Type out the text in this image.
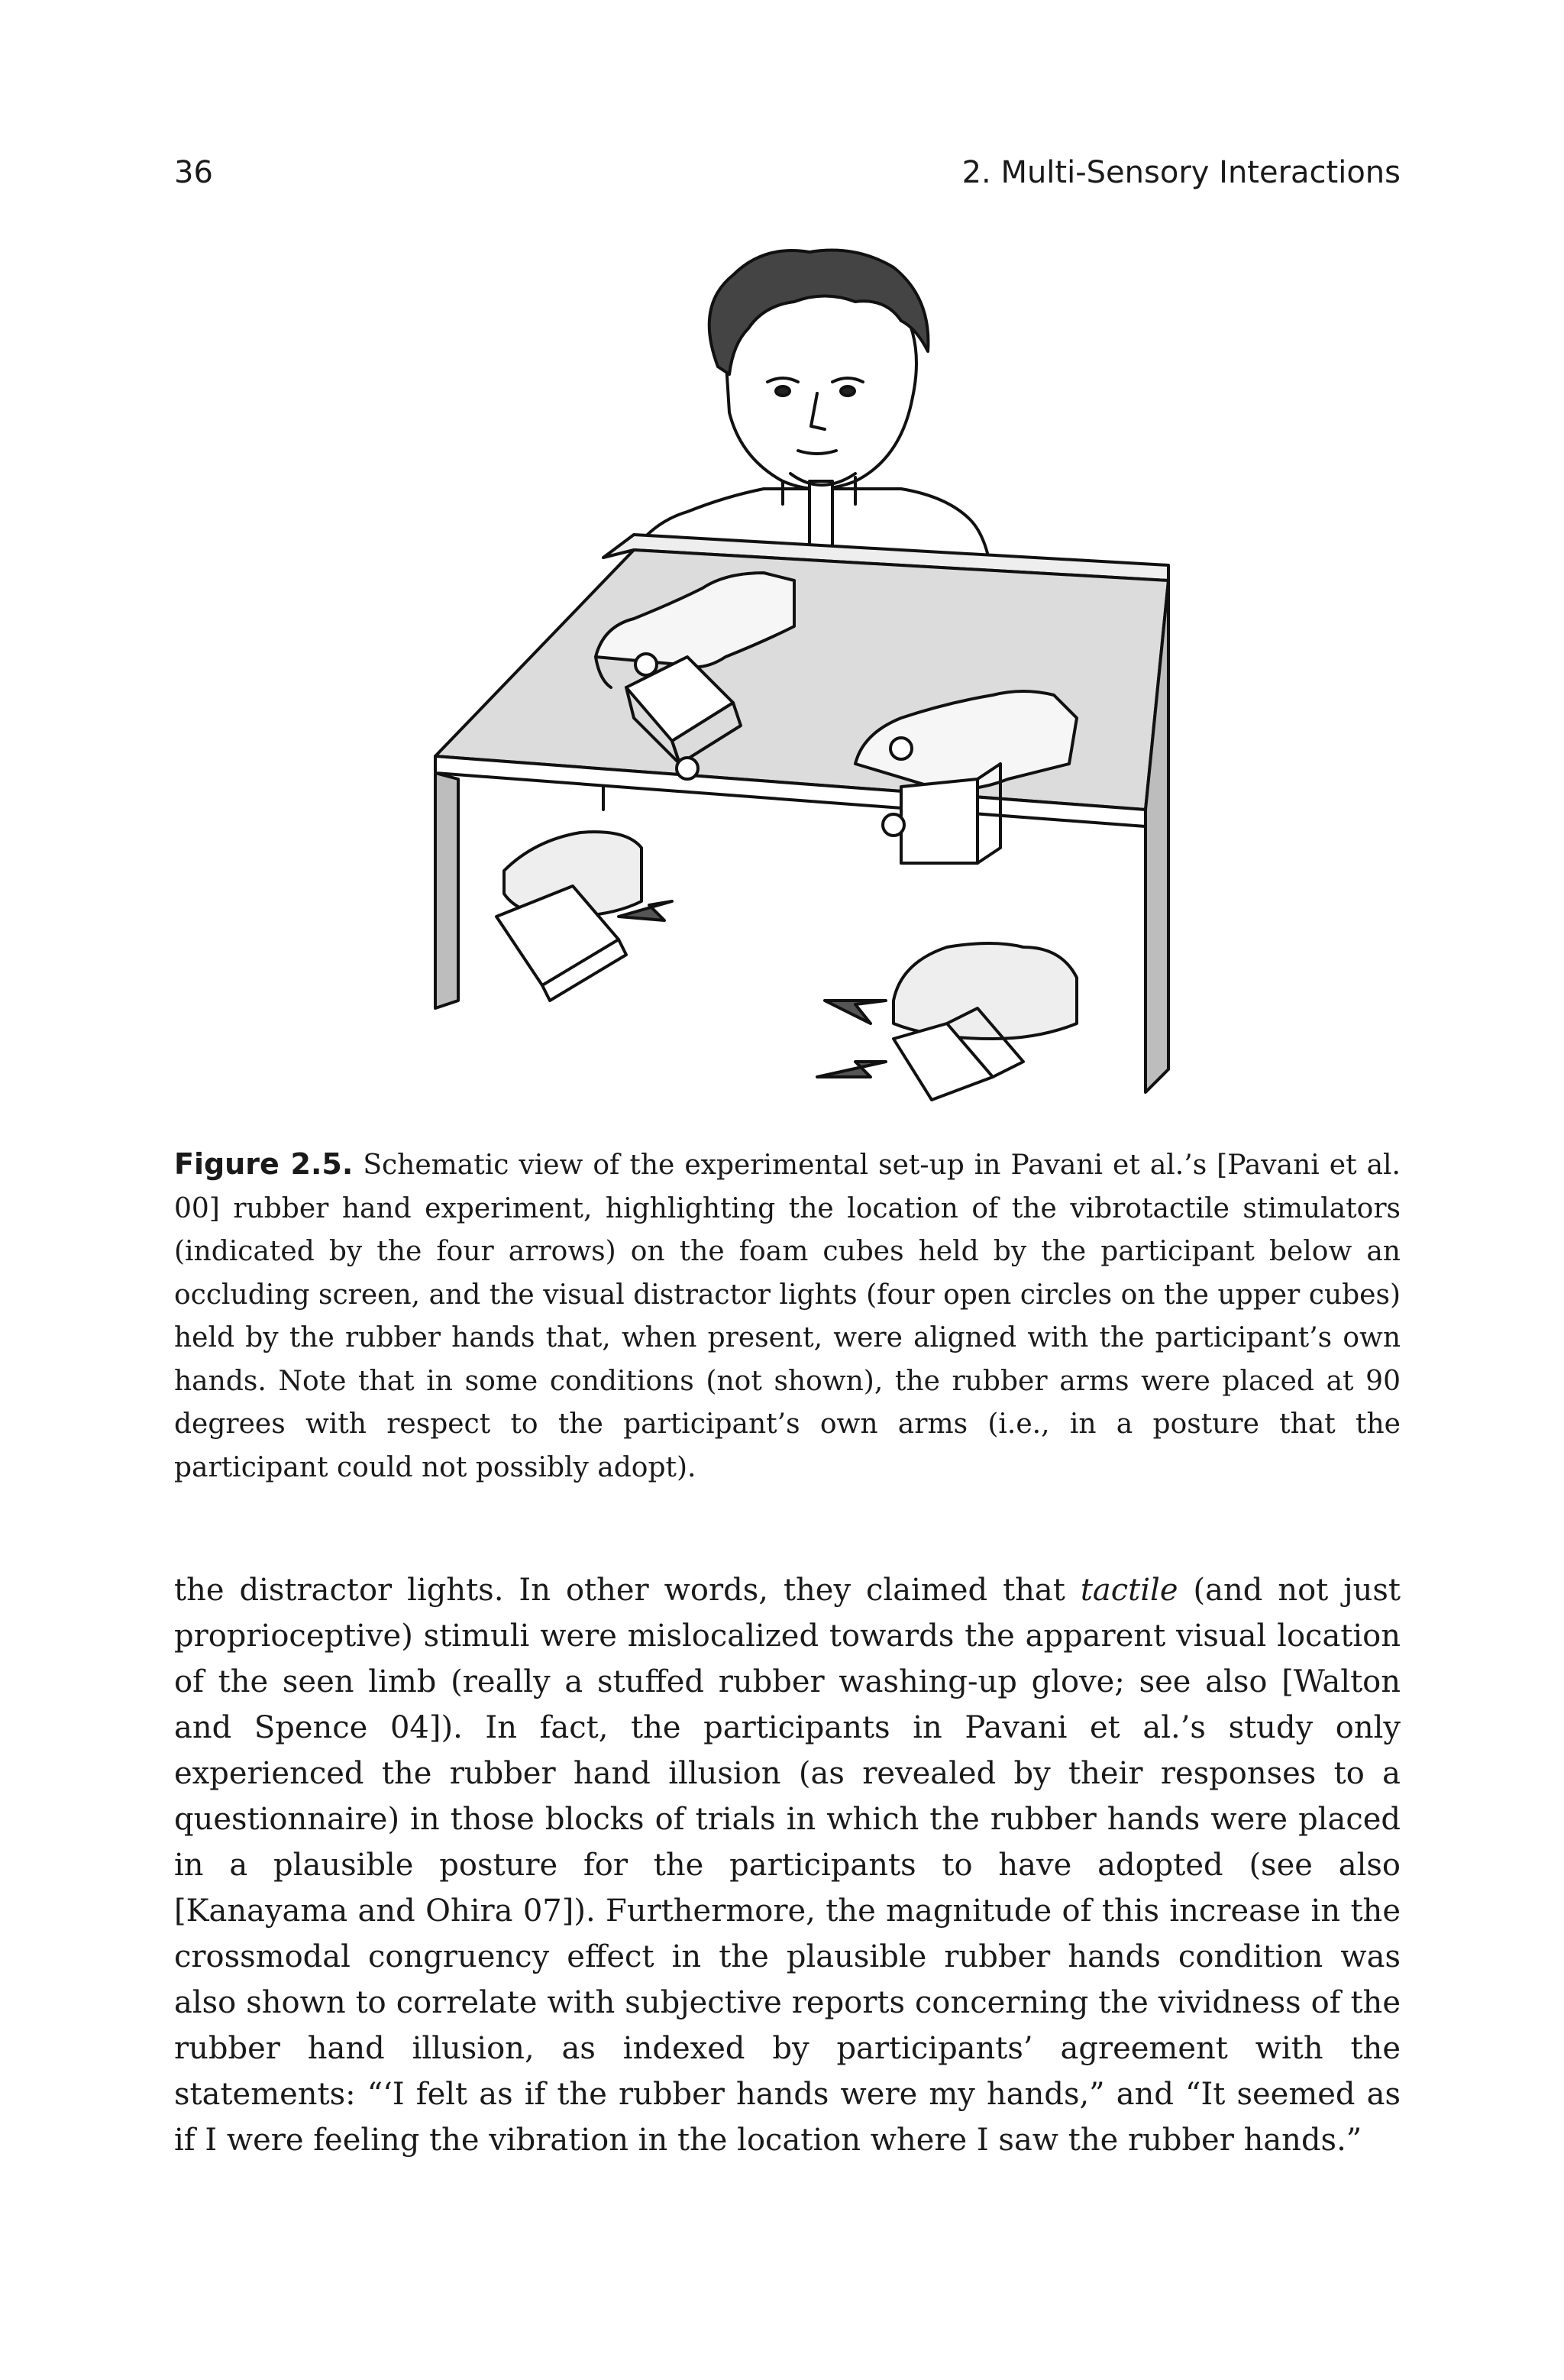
36	2. Multi-Sensory Interactions
Figure 2.5. Schematic view of the experimental set-up in Pavani et al.’s [Pavani et al. 00] rubber hand experiment, highlighting the location of the vibrotactile stimulators (indicated by the four arrows) on the foam cubes held by the participant below an occluding screen, and the visual distractor lights (four open circles on the upper cubes) held by the rubber hands that, when present, were aligned with the participant’s own hands. Note that in some conditions (not shown), the rubber arms were placed at 90 degrees with respect to the participant’s own arms (i.e., in a posture that the participant could not possibly adopt).
the distractor lights. In other words, they claimed that tactile (and not just proprioceptive) stimuli were mislocalized towards the apparent visual location of the seen limb (really a stuffed rubber washing-up glove; see also [Walton and Spence 04]). In fact, the participants in Pavani et al.’s study only experienced the rubber hand illusion (as revealed by their responses to a questionnaire) in those blocks of trials in which the rubber hands were placed in a plausible posture for the participants to have adopted (see also [Kanayama and Ohira 07]). Furthermore, the magnitude of this increase in the crossmodal congruency effect in the plausible rubber hands condition was also shown to correlate with subjective reports concerning the vividness of the rubber hand illusion, as indexed by participants’ agreement with the statements: “‘I felt as if the rubber hands were my hands,” and “It seemed as if I were feeling the vibration in the location where I saw the rubber hands.”
